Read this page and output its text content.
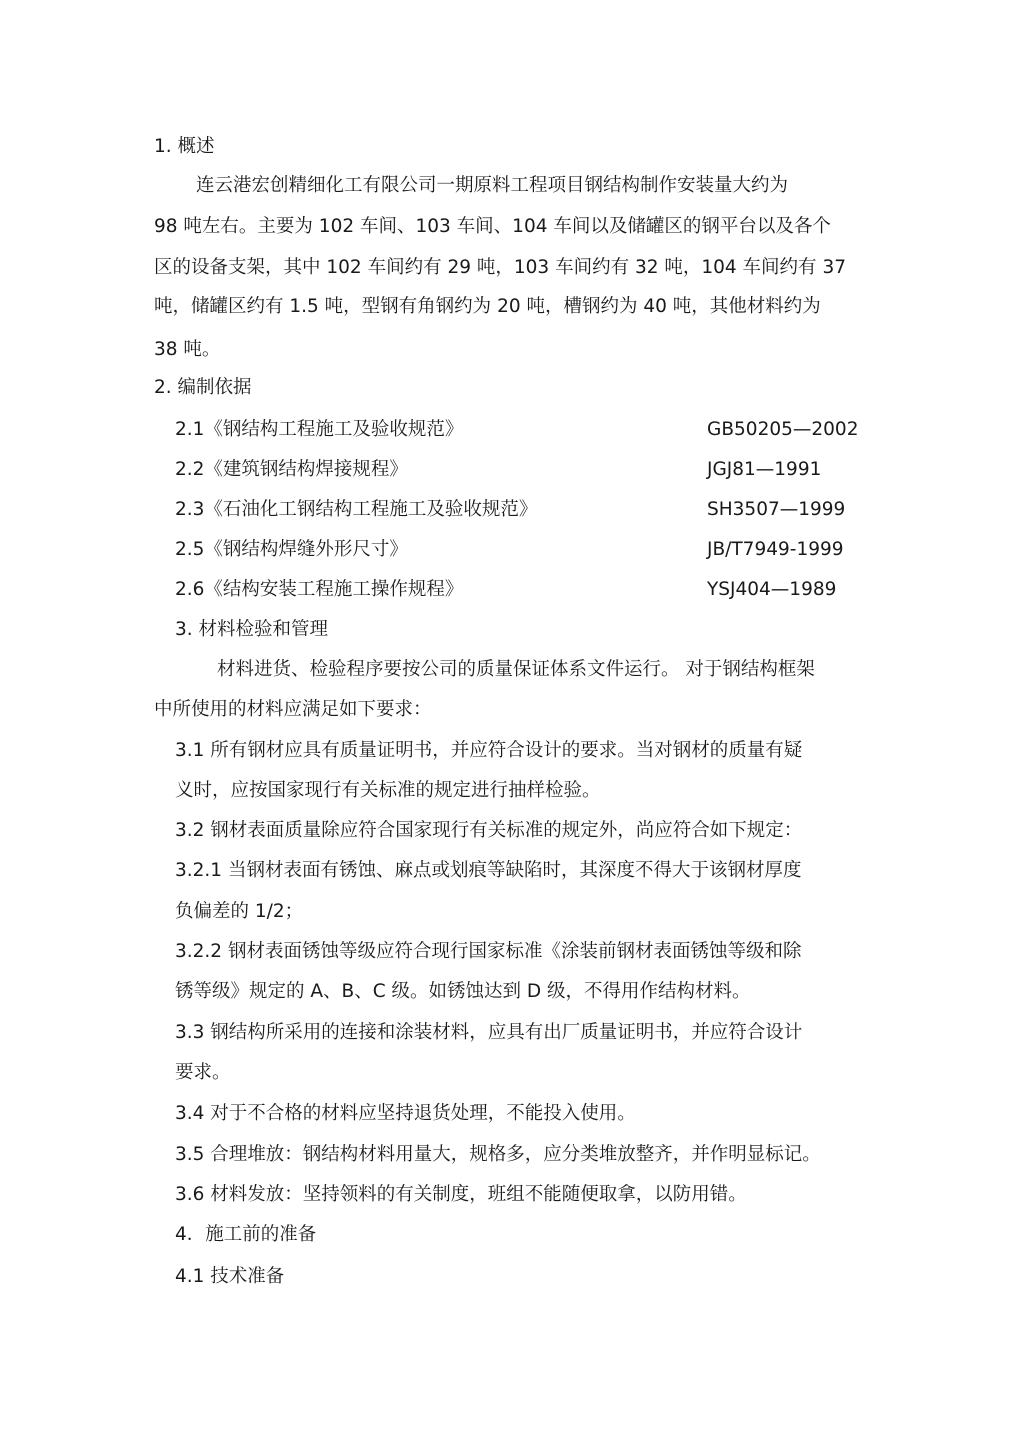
1. 概述
连云港宏创精细化工有限公司一期原料工程项目钢结构制作安装量大约为
98 吨左右。主要为 102 车间、103 车间、104 车间以及储罐区的钢平台以及各个
区的设备支架，其中 102 车间约有 29 吨，103 车间约有 32 吨，104 车间约有 37
吨，储罐区约有 1.5 吨，型钢有角钢约为 20 吨，槽钢约为 40 吨，其他材料约为
38 吨。
2. 编制依据
2.1《钢结构工程施工及验收规范》	GB50205—2002
2.2《建筑钢结构焊接规程》	JGJ81—1991
2.3《石油化工钢结构工程施工及验收规范》	SH3507—1999
2.5《钢结构焊缝外形尺寸》	JB/T7949-1999
2.6《结构安装工程施工操作规程》	YSJ404—1989
3. 材料检验和管理
材料进货、检验程序要按公司的质量保证体系文件运行。 对于钢结构框架
中所使用的材料应满足如下要求：
3.1 所有钢材应具有质量证明书，并应符合设计的要求。当对钢材的质量有疑
义时，应按国家现行有关标准的规定进行抽样检验。
3.2 钢材表面质量除应符合国家现行有关标准的规定外，尚应符合如下规定：
3.2.1 当钢材表面有锈蚀、麻点或划痕等缺陷时，其深度不得大于该钢材厚度
负偏差的 1/2；
3.2.2 钢材表面锈蚀等级应符合现行国家标准《涂装前钢材表面锈蚀等级和除
锈等级》规定的 A、B、C 级。如锈蚀达到 D 级，不得用作结构材料。
3.3 钢结构所采用的连接和涂装材料，应具有出厂质量证明书，并应符合设计
要求。
3.4 对于不合格的材料应坚持退货处理，不能投入使用。
3.5 合理堆放：钢结构材料用量大，规格多，应分类堆放整齐，并作明显标记。
3.6 材料发放：坚持领料的有关制度，班组不能随便取拿，以防用错。
4．施工前的准备
4.1 技术准备
